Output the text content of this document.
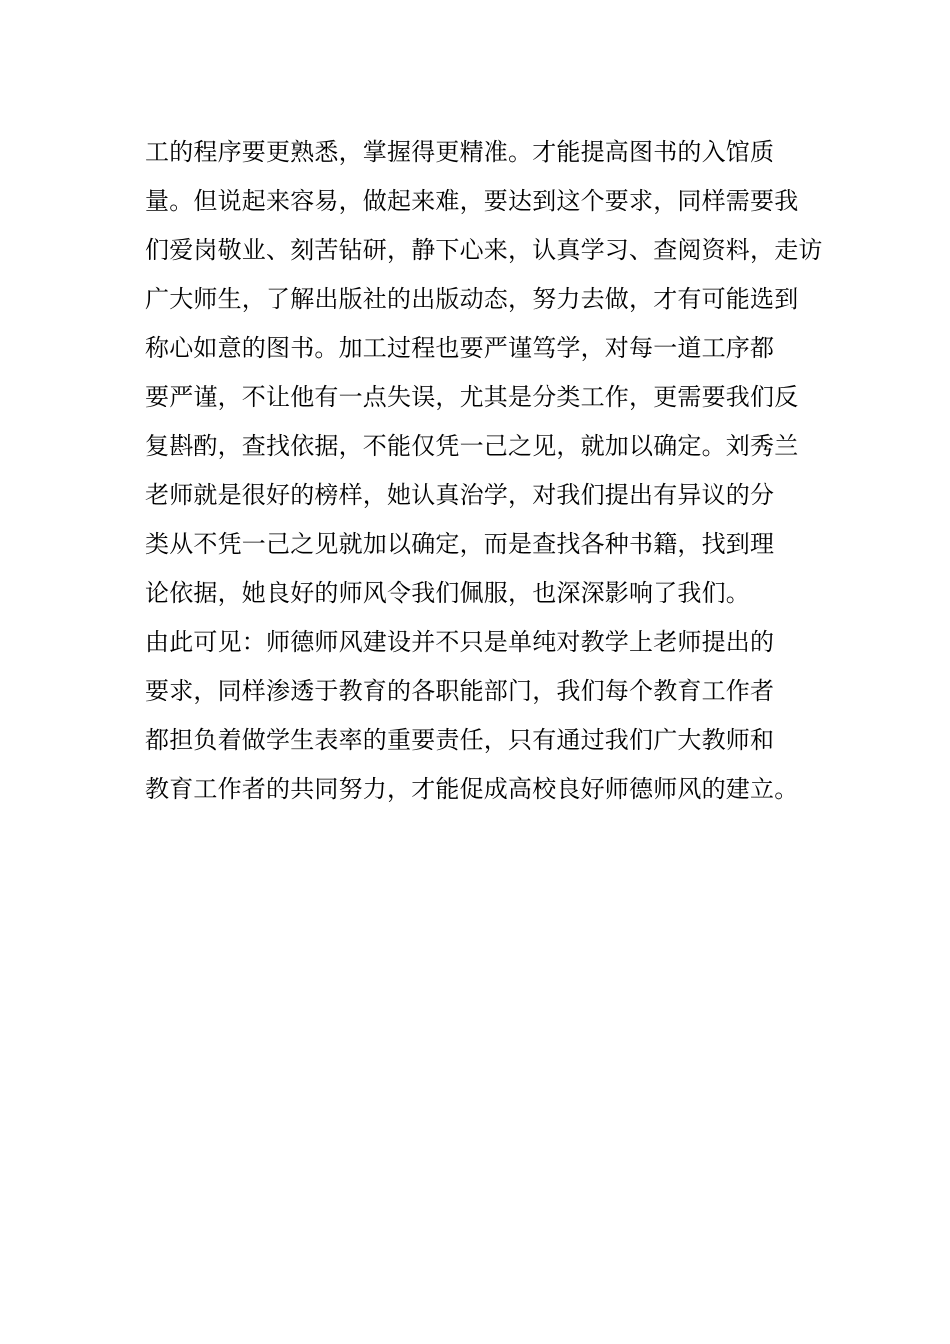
工的程序要更熟悉，掌握得更精准。才能提高图书的入馆质
量。但说起来容易，做起来难，要达到这个要求，同样需要我
们爱岗敬业、刻苦钻研，静下心来，认真学习、查阅资料，走访
广大师生，了解出版社的出版动态，努力去做，才有可能选到
称心如意的图书。加工过程也要严谨笃学，对每一道工序都
要严谨，不让他有一点失误，尤其是分类工作，更需要我们反
复斟酌，查找依据，不能仅凭一己之见，就加以确定。刘秀兰
老师就是很好的榜样，她认真治学，对我们提出有异议的分
类从不凭一己之见就加以确定，而是查找各种书籍，找到理
论依据，她良好的师风令我们佩服，也深深影响了我们。
由此可见：师德师风建设并不只是单纯对教学上老师提出的
要求，同样渗透于教育的各职能部门，我们每个教育工作者
都担负着做学生表率的重要责任，只有通过我们广大教师和
教育工作者的共同努力，才能促成高校良好师德师风的建立。
